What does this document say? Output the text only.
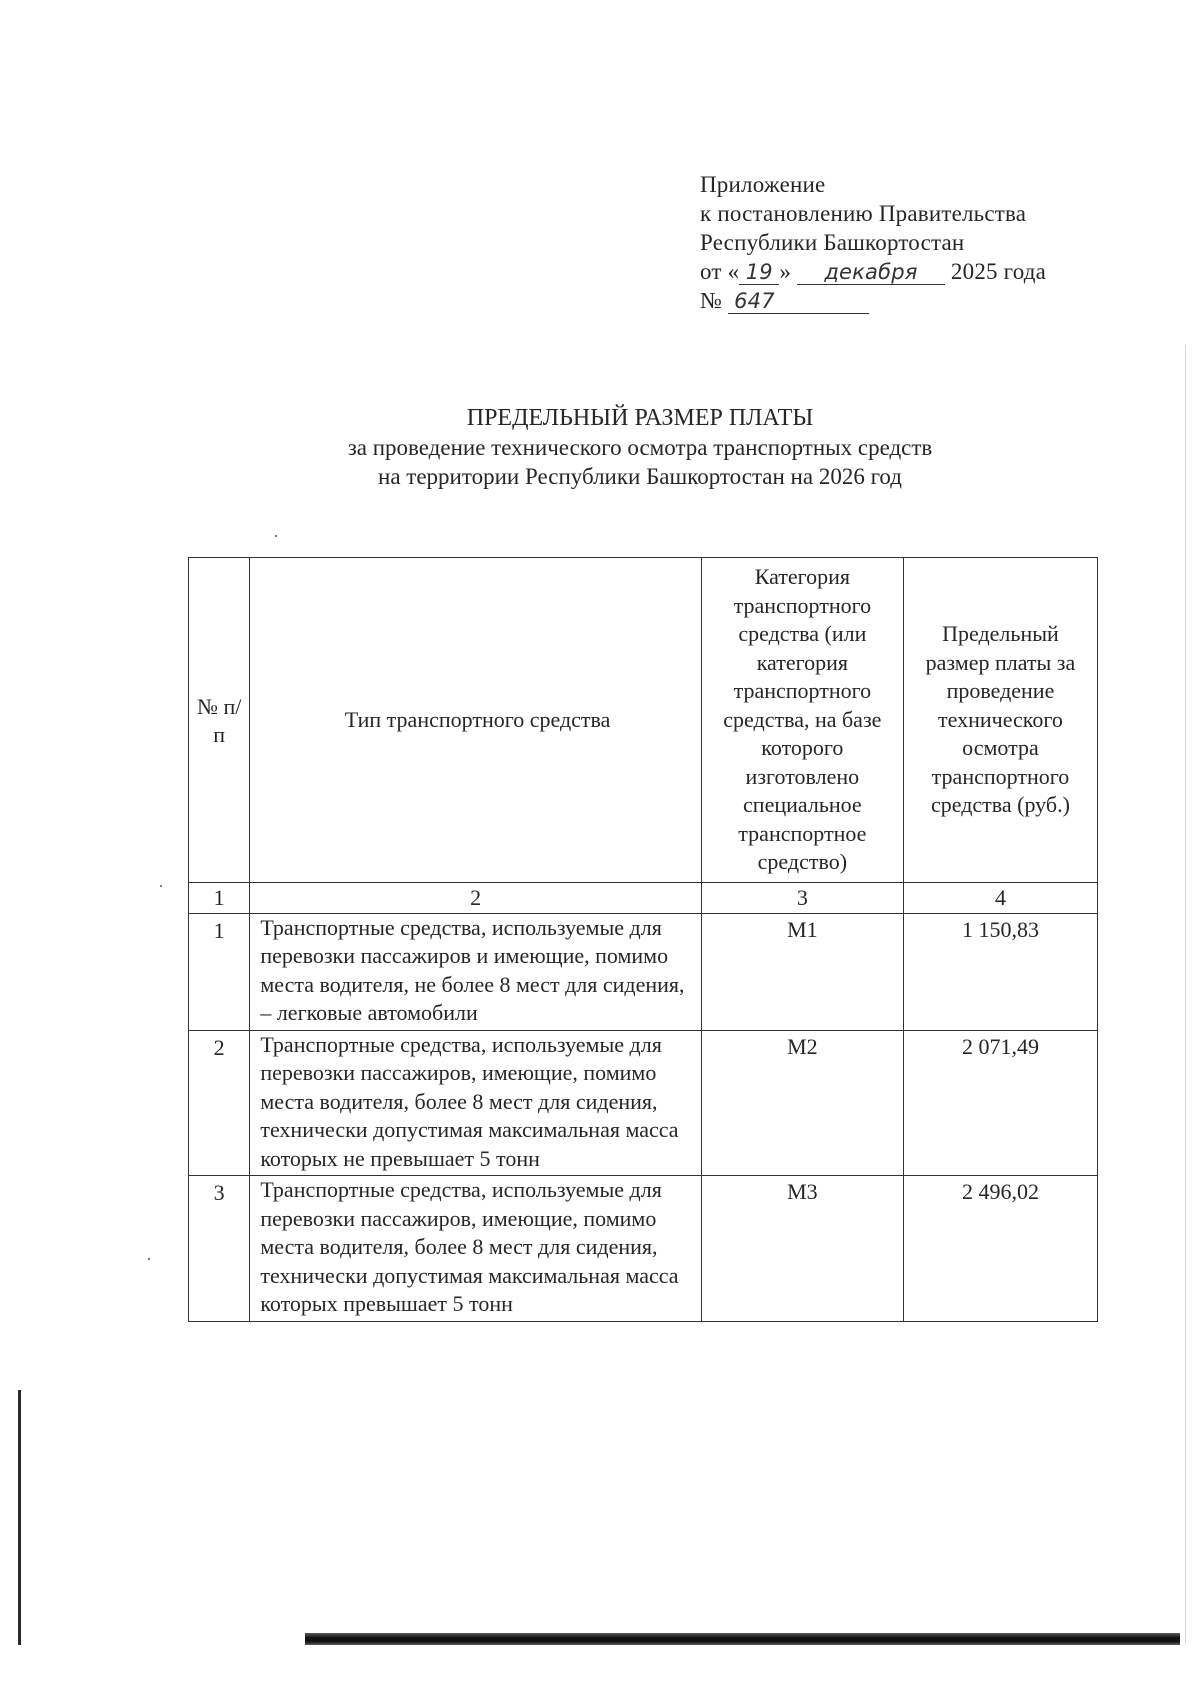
Приложение
к постановлению Правительства
Республики Башкортостан
от « 19 » декабря 2025 года
№ 647
ПРЕДЕЛЬНЫЙ РАЗМЕР ПЛАТЫ
за проведение технического осмотра транспортных средств
на территории Республики Башкортостан на 2026 год
№ п/п	Тип транспортного средства	Категория транспортного средства (или категория транспортного средства, на базе которого изготовлено специальное транспортное средство)	Предельный размер платы за проведение технического осмотра транспортного средства (руб.)
1	2	3	4
1	Транспортные средства, используемые для перевозки пассажиров и имеющие, помимо места водителя, не более 8 мест для сидения, – легковые автомобили	M1	1 150,83
2	Транспортные средства, используемые для перевозки пассажиров, имеющие, помимо места водителя, более 8 мест для сидения, технически допустимая максимальная масса которых не превышает 5 тонн	M2	2 071,49
3	Транспортные средства, используемые для перевозки пассажиров, имеющие, помимо места водителя, более 8 мест для сидения, технически допустимая максимальная масса которых превышает 5 тонн	M3	2 496,02
